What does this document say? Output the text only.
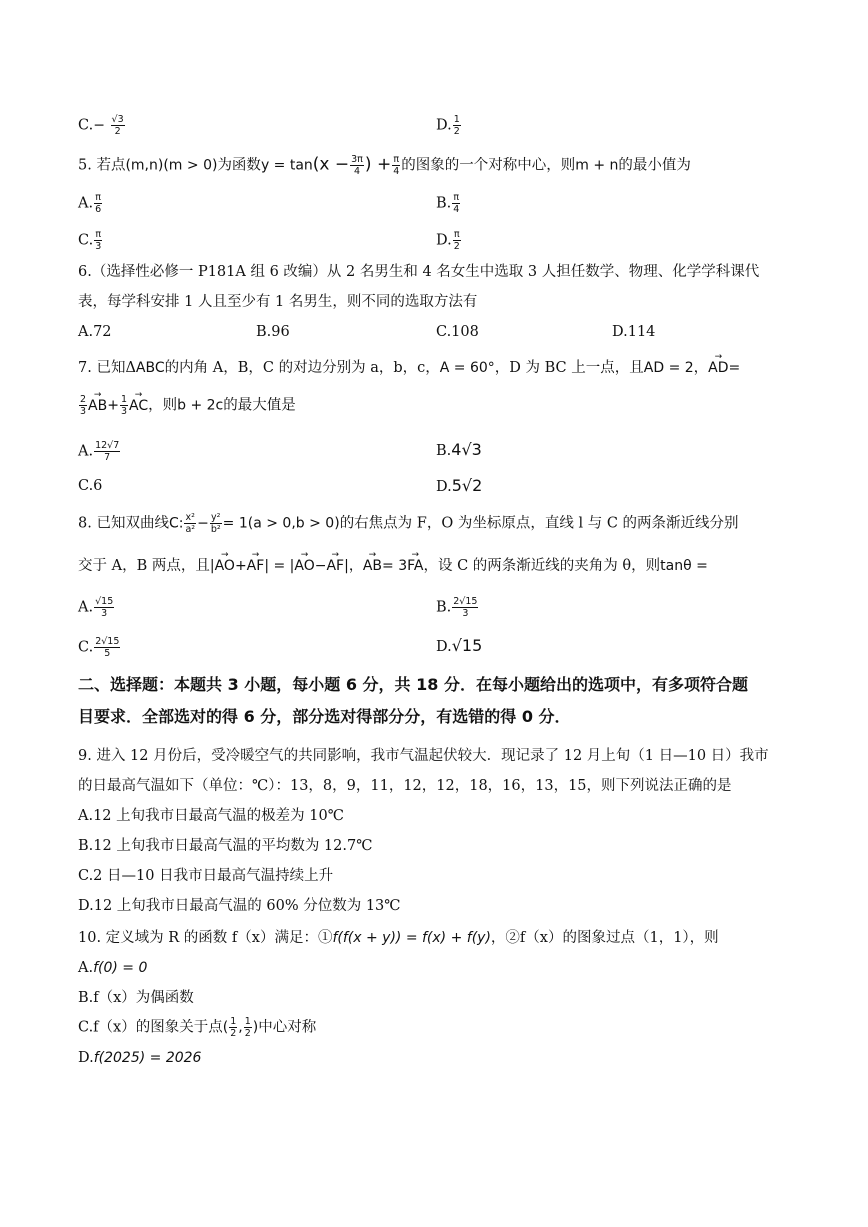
$C.- \frac{√3}{2}$	D. $\frac{1}{2}$
5. 若点(m,n)(m > 0)为函数$y = \tan(x - \frac{3\pi}{4}$ ) + $\frac{\pi}{4}$ 的图象的一个对称中心，则m + n的最小值为
A. $\frac{\pi}{6}$	B. $\frac{\pi}{4}$
C. $\frac{\pi}{3}$	D. $\frac{\pi}{2}$
6.（选择性必修一 P181A 组 6 改编）从 2 名男生和 4 名女生中选取 3 人担任数学、物理、化学学科课代
表，每学科安排 1 人且至少有 1 名男生，则不同的选取方法有
A.72	B.96	C.108	D.114
7. 已知ΔABC的内角 A，B，C 的对边分别为 a，b，c，A = 60°，D 为 BC 上一点，且AD = 2，→ AD=
$\frac{2}{3}$
→ $AB+ \frac{1}{3}$
→ AC，则b + 2c的最大值是
A. $\frac{12√7}{7}$	B.4√3
C.6	D.5√2
8. 已知双曲线C: $\frac{\text{x²}}{\text{a²}} - \frac{\text{y²}}{\text{b²}} = 1(a > 0,b > 0)$的右焦点为 F，O 为坐标原点，直线 l 与 C 的两条渐近线分别
交于 A，B 两点，且|→ AO+→ AF| = |→ AO−→ AF|，→ AB= 3→ FA，设 C 的两条渐近线的夹角为 θ，则tanθ =
A. $\frac{√15}{3}$	B. $\frac{2√15}{3}$
C. $\frac{2√15}{5}$	D.√15
二、选择题：本题共 3 小题，每小题 6 分，共 18 分．在每小题给出的选项中，有多项符合题
目要求．全部选对的得 6 分，部分选对得部分分，有选错的得 0 分．
9. 进入 12 月份后，受冷暖空气的共同影响，我市气温起伏较大．现记录了 12 月上旬（1 日—10 日）我市
的日最高气温如下（单位：℃）：13，8，9，11，12，12，18，16，13，15，则下列说法正确的是
A.12 上旬我市日最高气温的极差为 10℃
B.12 上旬我市日最高气温的平均数为 12.7℃
C.2 日—10 日我市日最高气温持续上升
D.12 上旬我市日最高气温的 60% 分位数为 13℃
10. 定义域为 R 的函数 f（x）满足：①f(f(x + y)) = f(x) + f(y)，②f（x）的图象过点（1，1），则
A.f(0) = 0
B.f（x）为偶函数
C.f（x）的图象关于点( $\frac{1}{2}$ , $\frac{1}{2}$ )中心对称
D.f(2025) = 2026
